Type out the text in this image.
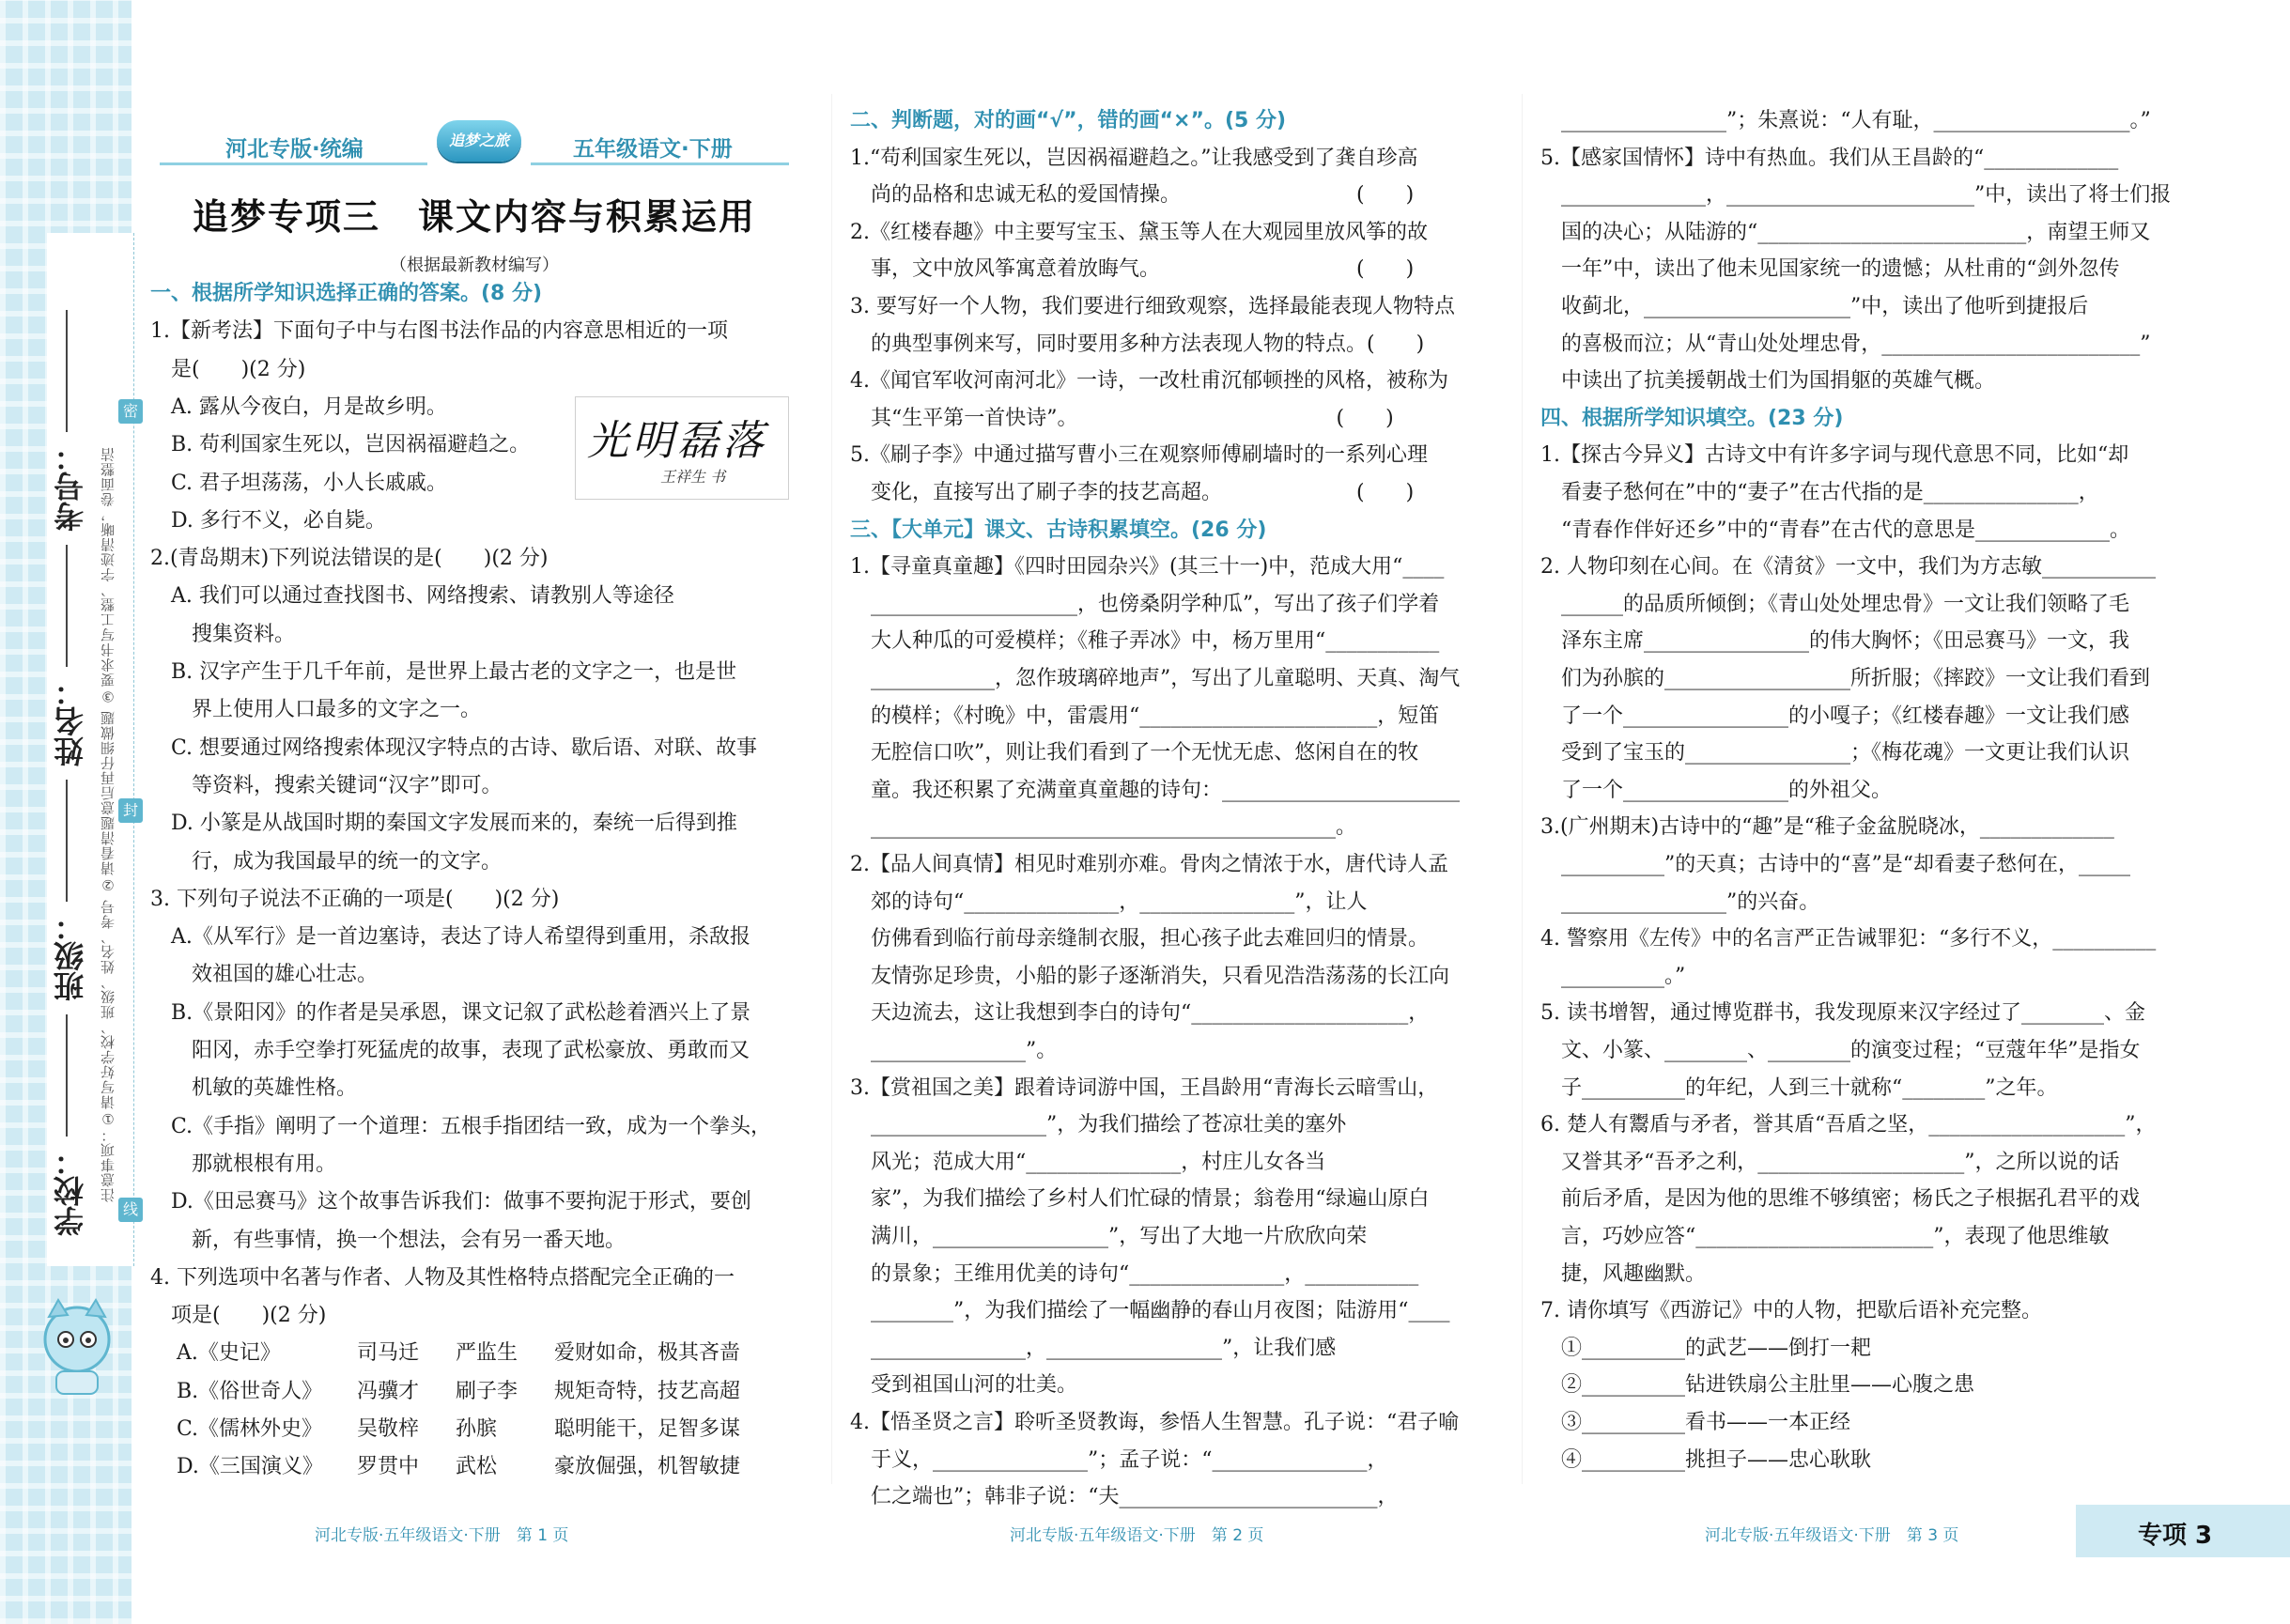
考号：
姓名：
班级：
学校： 注意事项：①请写好学校、班级、姓名、考号 ②请看清题意后再仔细做题 ③要求书写工整、字迹清晰，卷面整洁
密
封
线
河北专版·统编	追梦之旅	五年级语文·下册
追梦专项三　课文内容与积累运用
（根据最新教材编写）
一、根据所学知识选择正确的答案。(8 分)
1.【新考法】下面句子中与右图书法作品的内容意思相近的一项
　是(　　)(2 分)
　A. 露从今夜白，月是故乡明。
　B. 苟利国家生死以，岂因祸福避趋之。
　C. 君子坦荡荡，小人长戚戚。
　D. 多行不义，必自毙。
2.(青岛期末)下列说法错误的是(　　)(2 分)
　A. 我们可以通过查找图书、网络搜索、请教别人等途径
　　搜集资料。
　B. 汉字产生于几千年前，是世界上最古老的文字之一，也是世
　　界上使用人口最多的文字之一。
　C. 想要通过网络搜索体现汉字特点的古诗、歇后语、对联、故事
　　等资料，搜索关键词“汉字”即可。
　D. 小篆是从战国时期的秦国文字发展而来的，秦统一后得到推
　　行，成为我国最早的统一的文字。
3. 下列句子说法不正确的一项是(　　)(2 分)
　A.《从军行》是一首边塞诗，表达了诗人希望得到重用，杀敌报
　　效祖国的雄心壮志。
　B.《景阳冈》的作者是吴承恩，课文记叙了武松趁着酒兴上了景
　　阳冈，赤手空拳打死猛虎的故事，表现了武松豪放、勇敢而又
　　机敏的英雄性格。
　C.《手指》阐明了一个道理：五根手指团结一致，成为一个拳头，
　　那就根根有用。
　D.《田忌赛马》这个故事告诉我们：做事不要拘泥于形式，要创
　　新，有些事情，换一个想法，会有另一番天地。
4. 下列选项中名著与作者、人物及其性格特点搭配完全正确的一
　项是(　　)(2 分)
A.《史记》	司马迁 严监生 爱财如命，极其吝啬
B.《俗世奇人》 冯骥才 刷子李 规矩奇特，技艺高超
C.《儒林外史》 吴敬梓 孙膑	聪明能干，足智多谋
D.《三国演义》 罗贯中 武松	豪放倔强，机智敏捷
二、判断题，对的画“√”，错的画“×”。(5 分)
1.“苟利国家生死以，岂因祸福避趋之。”让我感受到了龚自珍高
　尚的品格和忠诚无私的爱国情操。　　　　　　　　　(　　)
2.《红楼春趣》中主要写宝玉、黛玉等人在大观园里放风筝的故
　事，文中放风筝寓意着放晦气。　　　　　　　　　　(　　)
3. 要写好一个人物，我们要进行细致观察，选择最能表现人物特点
　的典型事例来写，同时要用多种方法表现人物的特点。(　　)
4.《闻官军收河南河北》一诗，一改杜甫沉郁顿挫的风格，被称为
　其“生平第一首快诗”。　　　　　　　　　　　　　(　　)
5.《刷子李》中通过描写曹小三在观察师傅刷墙时的一系列心理
　变化，直接写出了刷子李的技艺高超。　　　　　　　(　　)
三、【大单元】课文、古诗积累填空。(26 分)
1.【寻童真童趣】《四时田园杂兴》(其三十一)中，范成大用“____
　____________________，也傍桑阴学种瓜”，写出了孩子们学着
　大人种瓜的可爱模样；《稚子弄冰》中，杨万里用“___________
　____________，忽作玻璃碎地声”，写出了儿童聪明、天真、淘气
　的模样；《村晚》中，雷震用“_______________________，短笛
　无腔信口吹”，则让我们看到了一个无忧无虑、悠闲自在的牧
　童。我还积累了充满童真童趣的诗句：_______________________
　_____________________________________________。
2.【品人间真情】相见时难别亦难。骨肉之情浓于水，唐代诗人孟
　郊的诗句“_______________，_______________”，让人
　仿佛看到临行前母亲缝制衣服，担心孩子此去难回归的情景。
　友情弥足珍贵，小船的影子逐渐消失，只看见浩浩荡荡的长江向
　天边流去，这让我想到李白的诗句“_____________________，
　_______________”。
3.【赏祖国之美】跟着诗词游中国，王昌龄用“青海长云暗雪山，
　_________________”，为我们描绘了苍凉壮美的塞外
　风光；范成大用“_______________，村庄儿女各当
　家”，为我们描绘了乡村人们忙碌的情景；翁卷用“绿遍山原白
　满川，_________________”，写出了大地一片欣欣向荣
　的景象；王维用优美的诗句“_______________，___________
　________”，为我们描绘了一幅幽静的春山月夜图；陆游用“____
　_______________，_________________”，让我们感
　受到祖国山河的壮美。
4.【悟圣贤之言】聆听圣贤教诲，参悟人生智慧。孔子说：“君子喻
　于义，_______________”；孟子说：“_______________，
　仁之端也”；韩非子说：“夫_________________________，
　________________”；朱熹说：“人有耻，___________________。”
5.【感家国情怀】诗中有热血。我们从王昌龄的“_____________
　______________，________________________”中，读出了将士们报
　国的决心；从陆游的“__________________________，南望王师又
　一年”中，读出了他未见国家统一的遗憾；从杜甫的“剑外忽传
　收蓟北，____________________”中，读出了他听到捷报后
　的喜极而泣；从“青山处处埋忠骨，_________________________”
　中读出了抗美援朝战士们为国捐躯的英雄气概。
四、根据所学知识填空。(23 分)
1.【探古今异义】古诗文中有许多字词与现代意思不同，比如“却
　看妻子愁何在”中的“妻子”在古代指的是_______________，
　“青春作伴好还乡”中的“青春”在古代的意思是_____________。
2. 人物印刻在心间。在《清贫》一文中，我们为方志敏___________
　______的品质所倾倒；《青山处处埋忠骨》一文让我们领略了毛
　泽东主席________________的伟大胸怀；《田忌赛马》一文，我
　们为孙膑的__________________所折服；《摔跤》一文让我们看到
　了一个________________的小嘎子；《红楼春趣》一文让我们感
　受到了宝玉的________________；《梅花魂》一文更让我们认识
　了一个________________的外祖父。
3.(广州期末)古诗中的“趣”是“稚子金盆脱晓冰，_____________
　__________”的天真；古诗中的“喜”是“却看妻子愁何在，_____
　________________”的兴奋。
4. 警察用《左传》中的名言严正告诫罪犯：“多行不义，__________
　__________。”
5. 读书增智，通过博览群书，我发现原来汉字经过了________、金
　文、小篆、________、________的演变过程；“豆蔻年华”是指女
　子__________的年纪，人到三十就称“________”之年。
6. 楚人有鬻盾与矛者，誉其盾“吾盾之坚，___________________”，
　又誉其矛“吾矛之利，____________________”，之所以说的话
　前后矛盾，是因为他的思维不够缜密；杨氏之子根据孔君平的戏
　言，巧妙应答“_______________________”，表现了他思维敏
　捷，风趣幽默。
7. 请你填写《西游记》中的人物，把歇后语补充完整。
　①__________的武艺——倒打一耙
　②__________钻进铁扇公主肚里——心腹之患
　③__________看书——一本正经
　④__________挑担子——忠心耿耿
光明磊落
王祥生 书
河北专版·五年级语文·下册　第 1 页	河北专版·五年级语文·下册　第 2 页	河北专版·五年级语文·下册　第 3 页	专项 3
